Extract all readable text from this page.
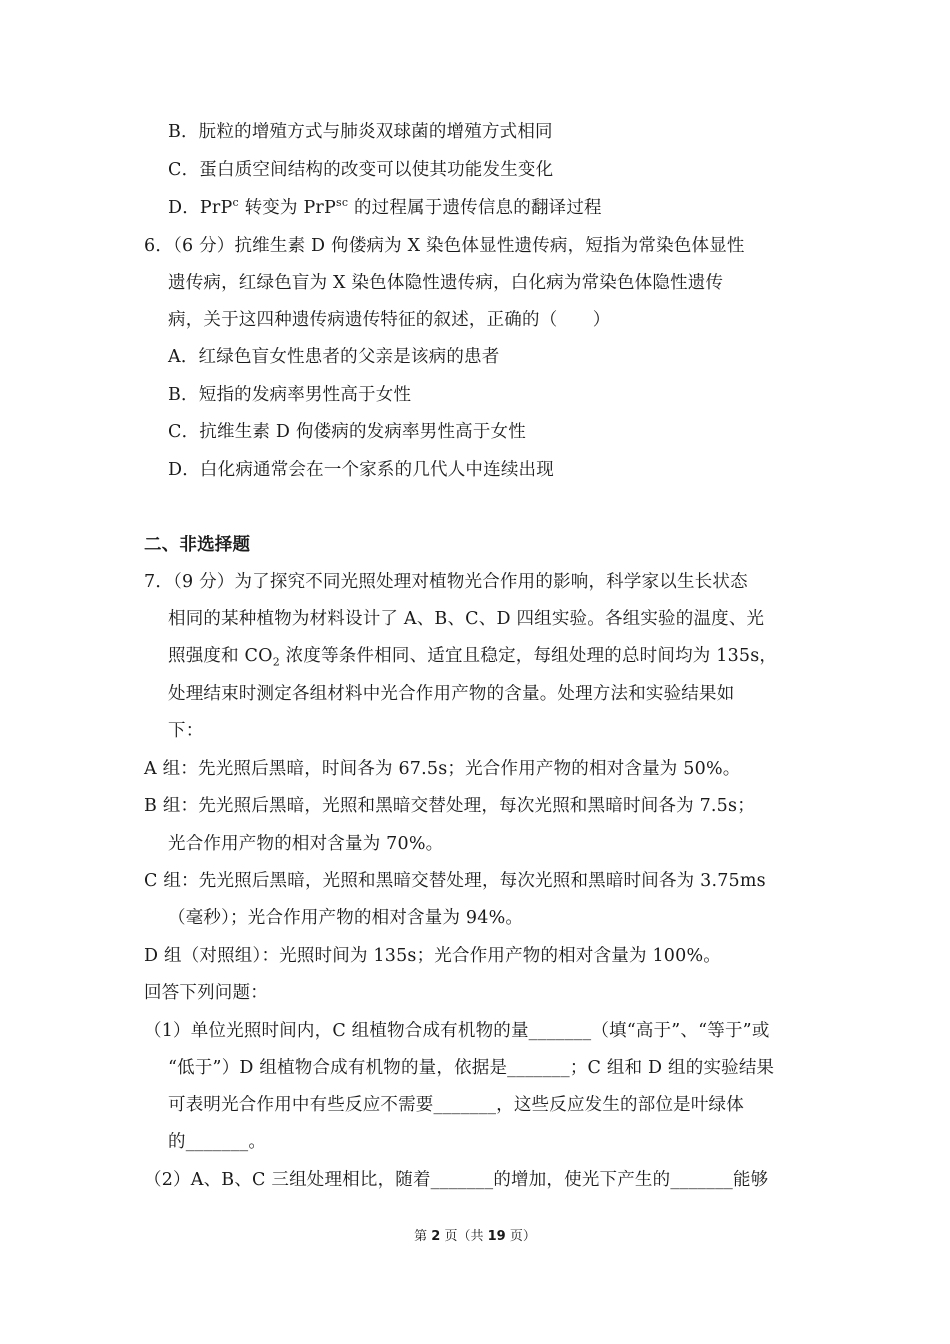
B．朊粒的增殖方式与肺炎双球菌的增殖方式相同
C．蛋白质空间结构的改变可以使其功能发生变化
D．PrP$^c$ 转变为 PrP$^{sc}$ 的过程属于遗传信息的翻译过程
6．（6 分）抗维生素 D 佝偻病为 X 染色体显性遗传病，短指为常染色体显性
遗传病，红绿色盲为 X 染色体隐性遗传病，白化病为常染色体隐性遗传
病，关于这四种遗传病遗传特征的叙述，正确的（　　）
A．红绿色盲女性患者的父亲是该病的患者
B．短指的发病率男性高于女性
C．抗维生素 D 佝偻病的发病率男性高于女性
D．白化病通常会在一个家系的几代人中连续出现
二、非选择题
7．（9 分）为了探究不同光照处理对植物光合作用的影响，科学家以生长状态
相同的某种植物为材料设计了 A、B、C、D 四组实验。各组实验的温度、光
照强度和 $CO_2$ 浓度等条件相同、适宜且稳定，每组处理的总时间均为 135s，
处理结束时测定各组材料中光合作用产物的含量。处理方法和实验结果如
下：
A 组：先光照后黑暗，时间各为 67.5s；光合作用产物的相对含量为 50%。
B 组：先光照后黑暗，光照和黑暗交替处理，每次光照和黑暗时间各为 7.5s；
光合作用产物的相对含量为 70%。
C 组：先光照后黑暗，光照和黑暗交替处理，每次光照和黑暗时间各为 3.75ms
（毫秒）；光合作用产物的相对含量为 94%。
D 组（对照组）：光照时间为 135s；光合作用产物的相对含量为 100%。
回答下列问题：
（1）单位光照时间内，C 组植物合成有机物的量_______（填“高于”、“等于”或
“低于”）D 组植物合成有机物的量，依据是_______；C 组和 D 组的实验结果
可表明光合作用中有些反应不需要_______，这些反应发生的部位是叶绿体
的_______。
（2）A、B、C 三组处理相比，随着_______的增加，使光下产生的_______能够
第 2 页（共 19 页）
